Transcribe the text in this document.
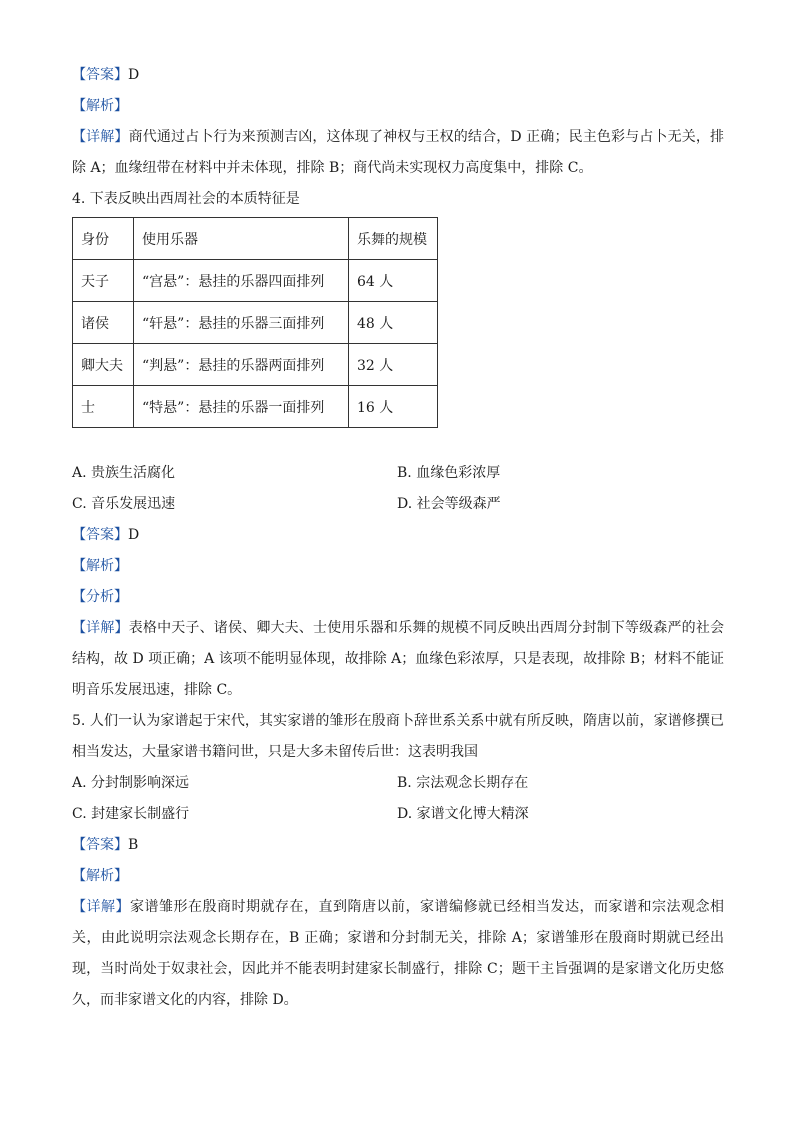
【答案】D
【解析】
【详解】商代通过占卜行为来预测吉凶，这体现了神权与王权的结合，D 正确；民主色彩与占卜无关，排除 A；血缘纽带在材料中并未体现，排除 B；商代尚未实现权力高度集中，排除 C。
4. 下表反映出西周社会的本质特征是
身份	使用乐器	乐舞的规模
天子	“宫悬”：悬挂的乐器四面排列	64 人
诸侯	“轩悬”：悬挂的乐器三面排列	48 人
卿大夫	“判悬”：悬挂的乐器两面排列	32 人
士	“特悬”：悬挂的乐器一面排列	16 人
A. 贵族生活腐化	B. 血缘色彩浓厚
C. 音乐发展迅速	D. 社会等级森严
【答案】D
【解析】
【分析】
【详解】表格中天子、诸侯、卿大夫、士使用乐器和乐舞的规模不同反映出西周分封制下等级森严的社会结构，故 D 项正确；A 该项不能明显体现，故排除 A；血缘色彩浓厚，只是表现，故排除 B；材料不能证明音乐发展迅速，排除 C。
5. 人们一认为家谱起于宋代，其实家谱的雏形在殷商卜辞世系关系中就有所反映，隋唐以前，家谱修撰已相当发达，大量家谱书籍问世，只是大多未留传后世：这表明我国
A. 分封制影响深远	B. 宗法观念长期存在
C. 封建家长制盛行	D. 家谱文化博大精深
【答案】B
【解析】
【详解】家谱雏形在殷商时期就存在，直到隋唐以前，家谱编修就已经相当发达，而家谱和宗法观念相关，由此说明宗法观念长期存在，B 正确；家谱和分封制无关，排除 A；家谱雏形在殷商时期就已经出现，当时尚处于奴隶社会，因此并不能表明封建家长制盛行，排除 C；题干主旨强调的是家谱文化历史悠久，而非家谱文化的内容，排除 D。
